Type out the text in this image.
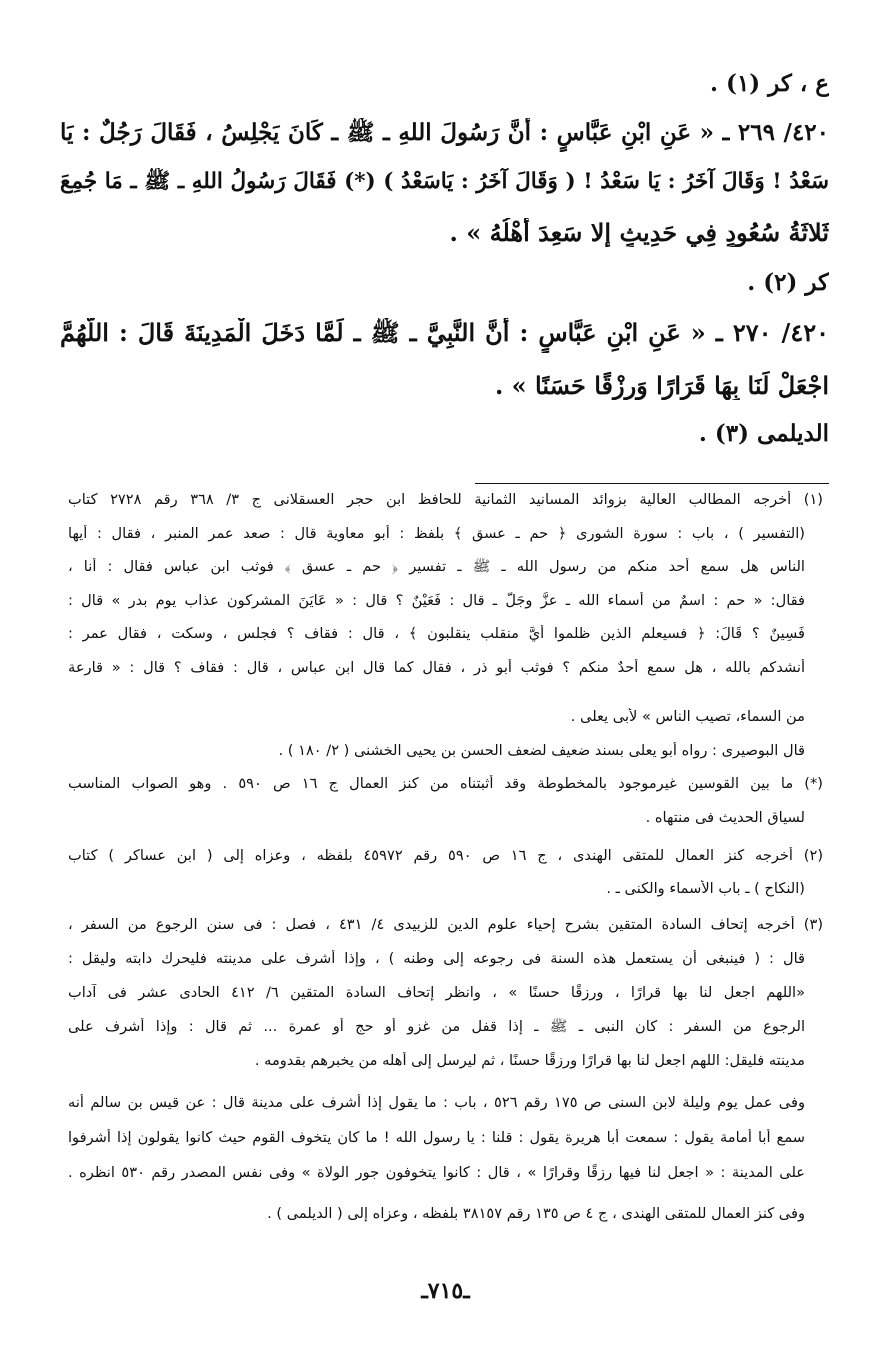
ع ، كر (١) .
٤٢٠/ ٢٦٩ ـ « عَنِ ابْنِ عَبَّاسٍ : أَنَّ رَسُولَ اللهِ ـ ﷺ ـ كَانَ يَجْلِسُ ، فَقَالَ رَجُلٌ : يَا
سَعْدُ ! وَقَالَ آخَرُ : يَا سَعْدُ ! ( وَقَالَ آخَرُ : يَاسَعْدُ ) (*) فَقَالَ رَسُولُ اللهِ ـ ﷺ ـ مَا جُمِعَ
ثَلاثَةُ سُعُودٍ فِي حَدِيثٍ إِلا سَعِدَ أَهْلُهُ » .
كر (٢) .
٤٢٠/ ٢٧٠ ـ « عَنِ ابْنِ عَبَّاسٍ : أَنَّ النَّبِيَّ ـ ﷺ ـ لَمَّا دَخَلَ الْمَدِينَةَ قَالَ : اللَّهُمَّ
اجْعَلْ لَنَا بِهَا قَرَارًا وَرِزْقًا حَسَنًا » .
الديلمى (٣) .
(١) أخرجه المطالب العالية بزوائد المسانيد الثمانية للحافظ ابن حجر العسقلانى ج ٣/ ٣٦٨ رقم ٢٧٢٨ كتاب
(التفسير ) ، باب : سورة الشورى ﴿ حم ـ عسق ﴾ بلفظ : أبو معاوية قال : صعد عمر المنبر ، فقال : أيها
الناس هل سمع أحد منكم من رسول الله ـ ﷺ ـ تفسير ﴿ حم ـ عسق ﴾ فوثب ابن عباس فقال : أنا ،
فقال: « حم : اسمٌ من أسماء الله ـ عزَّ وجَلَّ ـ قال : فَعَيْنٌ ؟ قال : « عَايَنَ المشركون عذاب يوم بدر » قال :
فَسِينٌ ؟ قَالَ: ﴿ فسيعلم الذين ظلموا أيَّ منقلب ينقلبون ﴾ ، قال : فقاف ؟ فجلس ، وسكت ، فقال عمر :
أنشدكم بالله ، هل سمع أحدٌ منكم ؟ فوثب أبو ذر ، فقال كما قال ابن عباس ، قال : فقاف ؟ قال : « قارعة
من السماء، تصيب الناس » لأبى يعلى .
قال البوصيرى : رواه أبو يعلى بسند ضعيف لضعف الحسن بن يحيى الخشنى ( ٢/ ١٨٠ ) .
(*) ما بين القوسين غيرموجود بالمخطوطة وقد أثبتناه من كنز العمال ج ١٦ ص ٥٩٠ . وهو الصواب المناسب
لسياق الحديث فى منتهاه .
(٢) أخرجه كنز العمال للمتقى الهندى ، ج ١٦ ص ٥٩٠ رقم ٤٥٩٧٢ بلفظه ، وعزاه إلى ( ابن عساكر ) كتاب
(النكاح ) ـ باب الأسماء والكنى ـ .
(٣) أخرجه إتحاف السادة المتقين بشرح إحياء علوم الدين للزبيدى ٤/ ٤٣١ ، فصل : فى سنن الرجوع من السفر ،
قال : ( فينبغى أن يستعمل هذه السنة فى رجوعه إلى وطنه ) ، وإذا أشرف على مدينته فليحرك دابته وليقل :
«اللهم اجعل لنا بها قرارًا ، ورزقًا حسنًا » ، وانظر إتحاف السادة المتقين ٦/ ٤١٢ الحادى عشر فى آداب
الرجوع من السفر : كان النبى ـ ﷺ ـ إذا قفل من غزو أو حج أو عمرة ... ثم قال : وإذا أشرف على
مدينته فليقل: اللهم اجعل لنا بها قرارًا ورزقًا حسنًا ، ثم ليرسل إلى أهله من يخبرهم بقدومه .
وفى عمل يوم وليلة لابن السنى ص ١٧٥ رقم ٥٢٦ ، باب : ما يقول إذا أشرف على مدينة قال : عن قيس بن سالم أنه
سمع أبا أمامة يقول : سمعت أبا هريرة يقول : قلنا : يا رسول الله ! ما كان يتخوف القوم حيث كانوا يقولون إذا أشرفوا
على المدينة : « اجعل لنا فيها رزقًا وقرارًا » ، قال : كانوا يتخوفون جور الولاة » وفى نفس المصدر رقم ٥٣٠ انظره .
وفى كنز العمال للمتقى الهندى ، ج ٤ ص ١٣٥ رقم ٣٨١٥٧ بلفظه ، وعزاه إلى ( الديلمى ) .
ـ٧١٥ـ
